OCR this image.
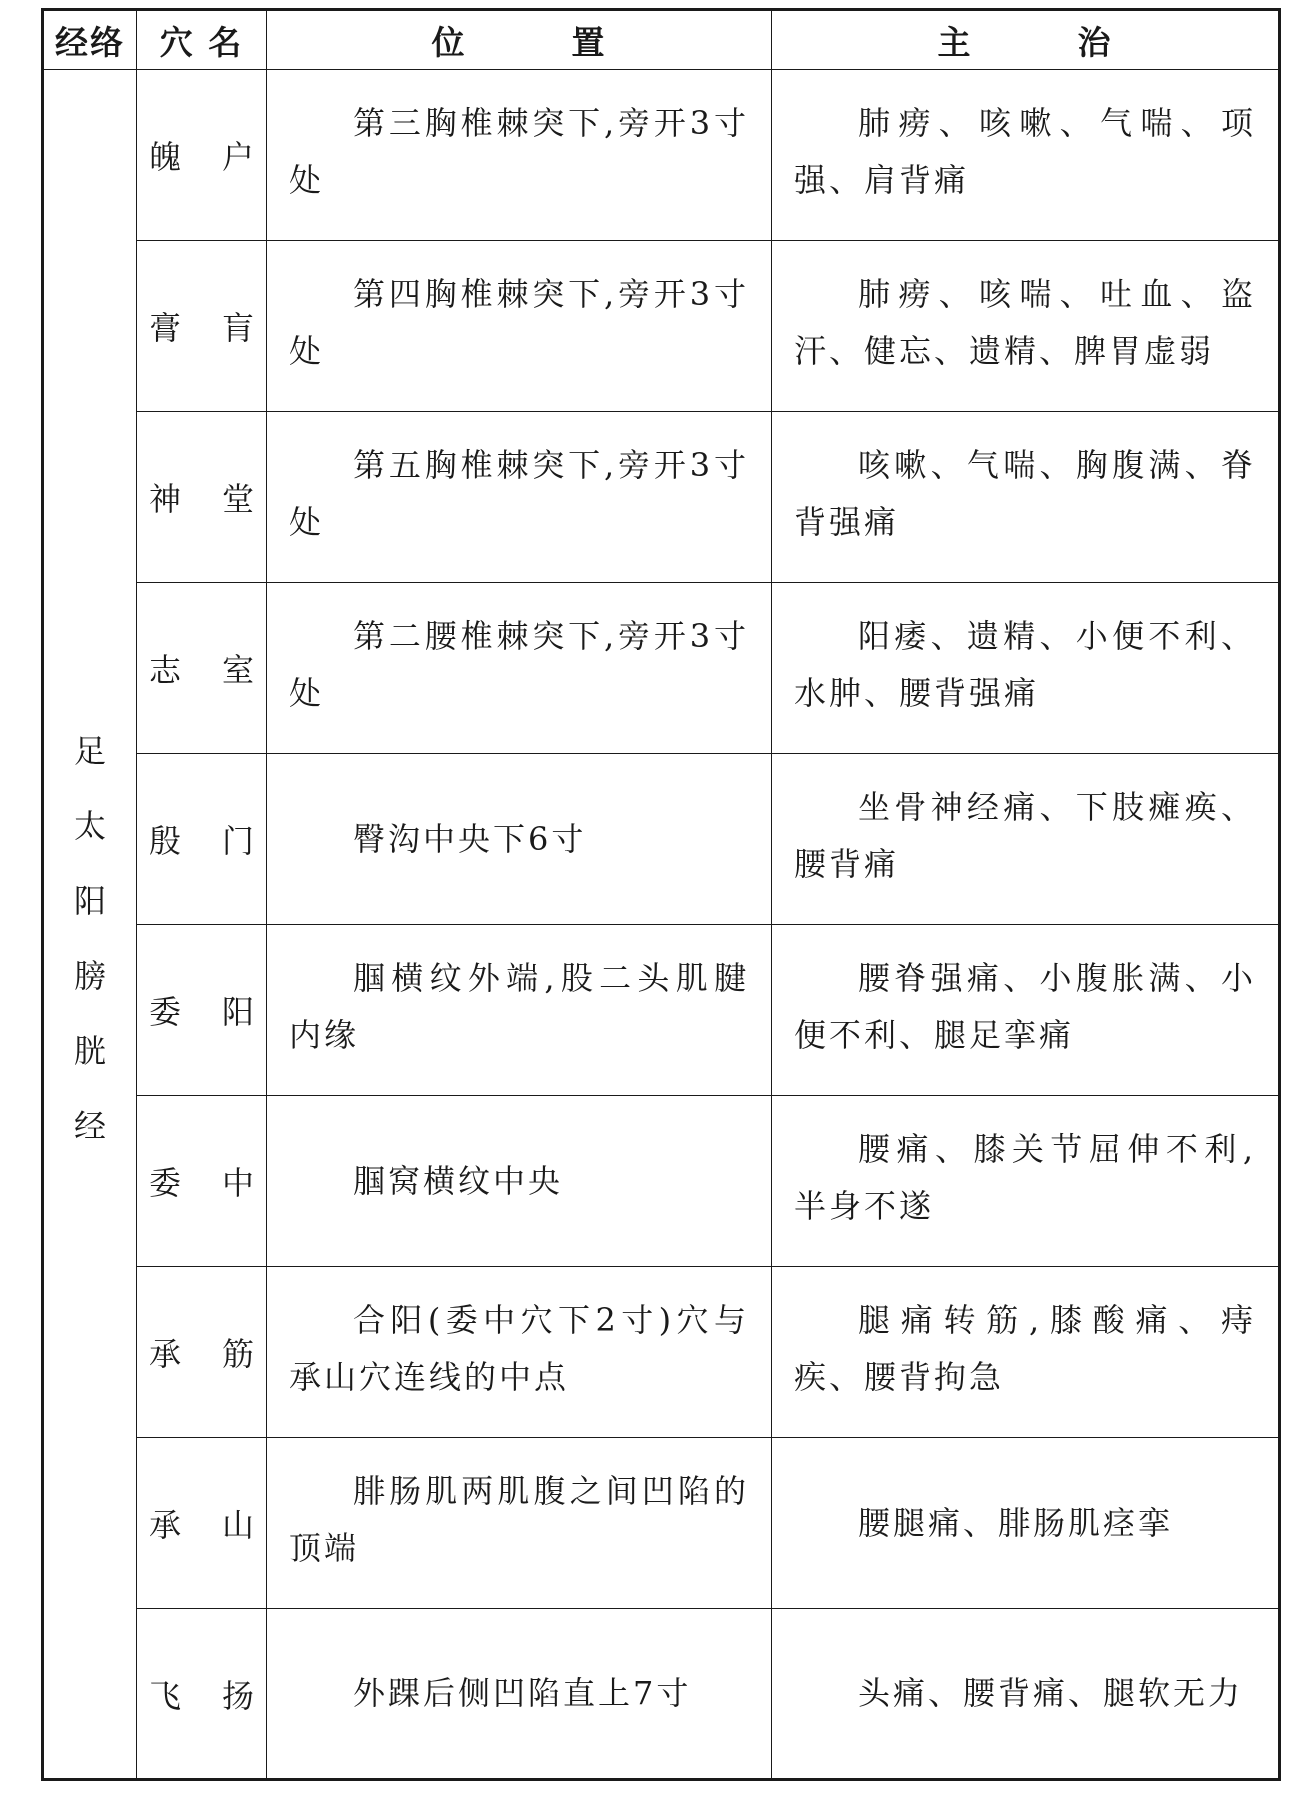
经络	穴 名	位　　　置	主　　　治
足太阳膀胱经	魄 户	第三胸椎棘突下,旁开3寸处	肺痨、咳嗽、气喘、项强、肩背痛

	膏 肓	第四胸椎棘突下,旁开3寸处	肺痨、咳喘、吐血、盗汗、健忘、遗精、脾胃虚弱

	神 堂	第五胸椎棘突下,旁开3寸处	咳嗽、气喘、胸腹满、脊背强痛

	志 室	第二腰椎棘突下,旁开3寸处	阳痿、遗精、小便不利、水肿、腰背强痛

	殷 门	臀沟中央下6寸	坐骨神经痛、下肢瘫痪、腰背痛

	委 阳	腘横纹外端,股二头肌腱内缘	腰脊强痛、小腹胀满、小便不利、腿足挛痛

	委 中	腘窝横纹中央	腰痛、膝关节屈伸不利,半身不遂

	承 筋	合阳(委中穴下2寸)穴与承山穴连线的中点	腿痛转筋,膝酸痛、痔疾、腰背拘急

	承 山	腓肠肌两肌腹之间凹陷的顶端	腰腿痛、腓肠肌痉挛

	飞 扬	外踝后侧凹陷直上7寸	头痛、腰背痛、腿软无力
